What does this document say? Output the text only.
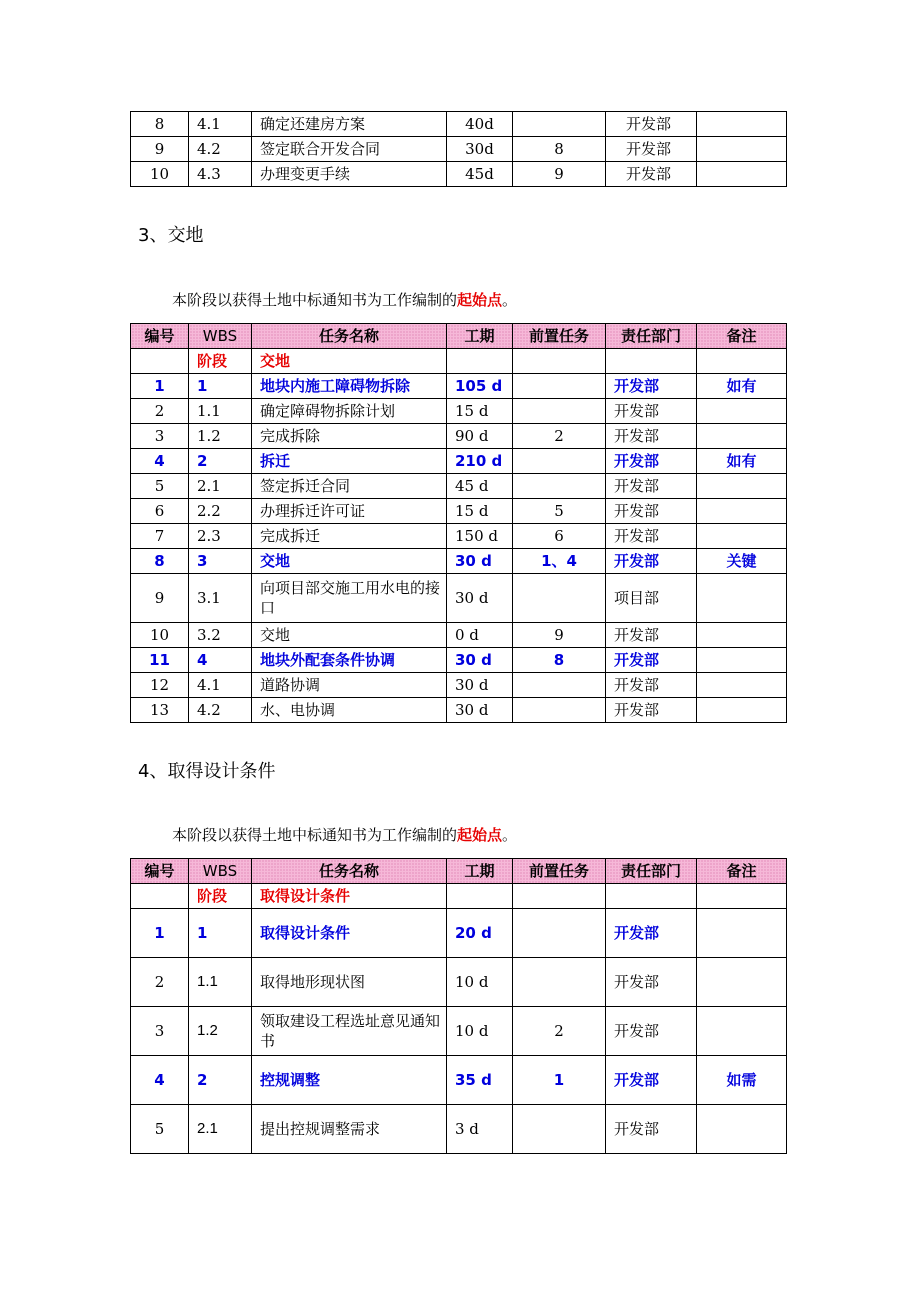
8	4.1	确定还建房方案	40d		开发部	
9	4.2	签定联合开发合同	30d	8	开发部	
10	4.3	办理变更手续	45d	9	开发部	
3、交地
本阶段以获得土地中标通知书为工作编制的起始点。
编号	WBS	任务名称	工期	前置任务	责任部门	备注
	阶段	交地				
1	1	地块内施工障碍物拆除	105 d		开发部	如有
2	1.1	确定障碍物拆除计划	15 d		开发部	
3	1.2	完成拆除	90 d	2	开发部	
4	2	拆迁	210 d		开发部	如有
5	2.1	签定拆迁合同	45 d		开发部	
6	2.2	办理拆迁许可证	15 d	5	开发部	
7	2.3	完成拆迁	150 d	6	开发部	
8	3	交地	30 d	1、4	开发部	关键
9	3.1	向项目部交施工用水电的接口	30 d		项目部	
10	3.2	交地	0 d	9	开发部	
11	4	地块外配套条件协调	30 d	8	开发部	
12	4.1	道路协调	30 d		开发部	
13	4.2	水、电协调	30 d		开发部	
4、取得设计条件
本阶段以获得土地中标通知书为工作编制的起始点。
编号	WBS	任务名称	工期	前置任务	责任部门	备注
	阶段	取得设计条件				
1	1	取得设计条件	20 d		开发部	
2	1.1	取得地形现状图	10 d		开发部	
3	1.2	领取建设工程选址意见通知书	10 d	2	开发部	
4	2	控规调整	35 d	1	开发部	如需
5	2.1	提出控规调整需求	3 d		开发部	
